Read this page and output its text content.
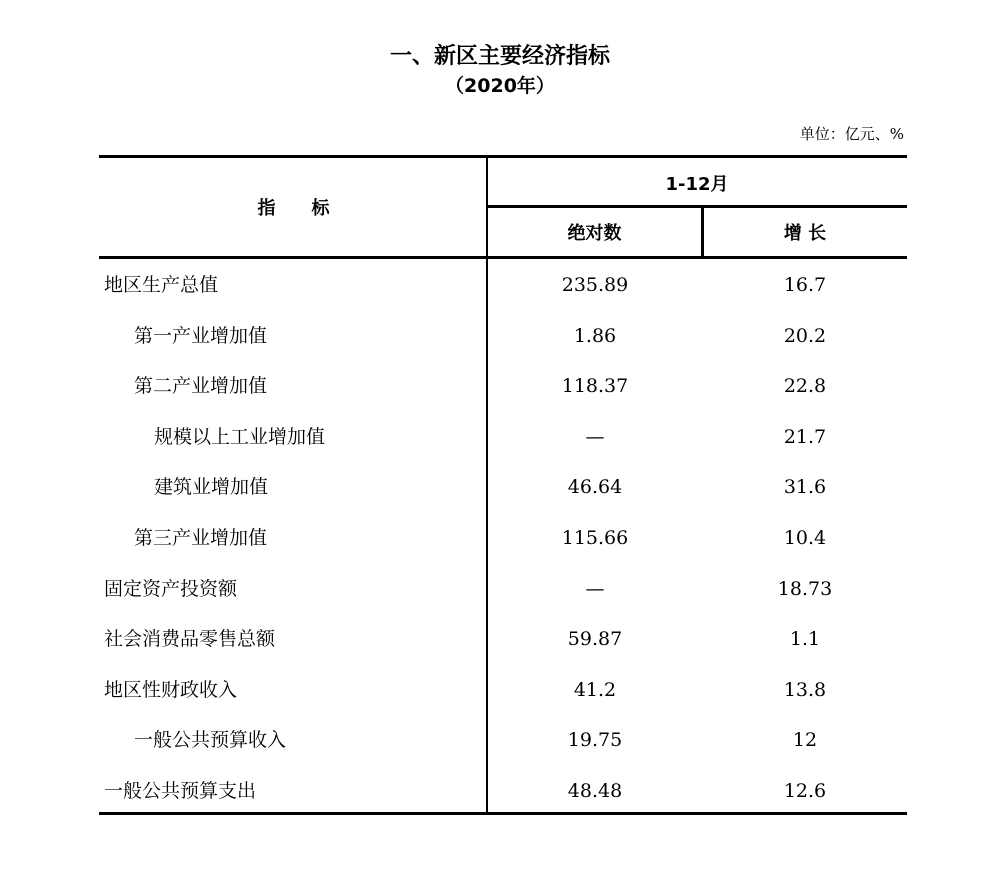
一、新区主要经济指标
（2020年）
单位：亿元、%
指　　标
1-12月
绝对数	增 长
地区生产总值	235.89	16.7
第一产业增加值	1.86	20.2
第二产业增加值	118.37	22.8
规模以上工业增加值	—	21.7
建筑业增加值	46.64	31.6
第三产业增加值	115.66	10.4
固定资产投资额	—	18.73
社会消费品零售总额	59.87	1.1
地区性财政收入	41.2	13.8
一般公共预算收入	19.75	12
一般公共预算支出	48.48	12.6
